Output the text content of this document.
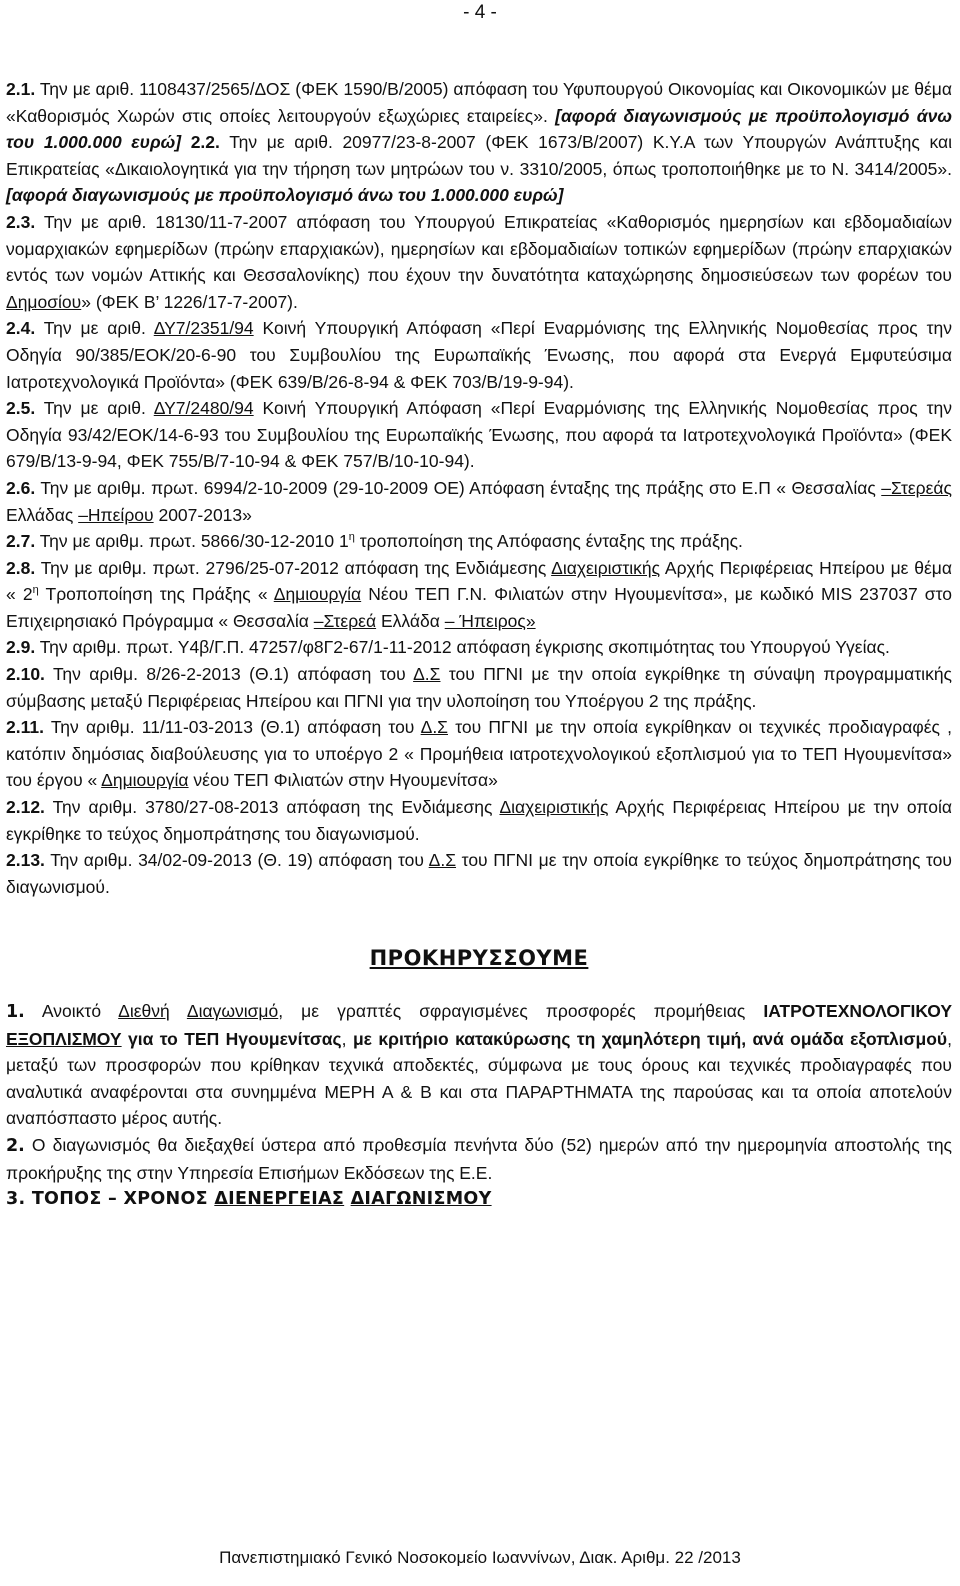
- 4 -

2.1. Την με αριθ. 1108437/2565/ΔΟΣ (ΦΕΚ 1590/Β/2005) απόφαση του Υφυπουργού Οικονομίας και Οικονομικών με θέμα «Καθορισμός Χωρών στις οποίες λειτουργούν εξωχώριες εταιρείες». [αφορά διαγωνισμούς με προϋπολογισμό άνω του 1.000.000 ευρώ] 2.2. Την με αριθ. 20977/23-8-2007 (ΦΕΚ 1673/Β/2007) Κ.Υ.Α των Υπουργών Ανάπτυξης και Επικρατείας «Δικαιολογητικά για την τήρηση των μητρώων του ν. 3310/2005, όπως τροποποιήθηκε με το Ν. 3414/2005». [αφορά διαγωνισμούς με προϋπολογισμό άνω του 1.000.000 ευρώ]

2.3. Την με αριθ. 18130/11-7-2007 απόφαση του Υπουργού Επικρατείας «Καθορισμός ημερησίων και εβδομαδιαίων νομαρχιακών εφημερίδων (πρώην επαρχιακών), ημερησίων και εβδομαδιαίων τοπικών εφημερίδων (πρώην επαρχιακών εντός των νομών Αττικής και Θεσσαλονίκης) που έχουν την δυνατότητα καταχώρησης δημοσιεύσεων των φορέων του Δημοσίου» (ΦΕΚ Β’ 1226/17-7-2007).

2.4. Την με αριθ. ΔΥ7/2351/94 Κοινή Υπουργική Απόφαση «Περί Εναρμόνισης της Ελληνικής Νομοθεσίας προς την Οδηγία 90/385/ΕΟΚ/20-6-90 του Συμβουλίου της Ευρωπαϊκής Ένωσης, που αφορά στα Ενεργά Εμφυτεύσιμα Ιατροτεχνολογικά Προϊόντα» (ΦΕΚ 639/Β/26-8-94 & ΦΕΚ 703/Β/19-9-94).

2.5. Την με αριθ. ΔΥ7/2480/94 Κοινή Υπουργική Απόφαση «Περί Εναρμόνισης της Ελληνικής Νομοθεσίας προς την Οδηγία 93/42/ΕΟΚ/14-6-93 του Συμβουλίου της Ευρωπαϊκής Ένωσης, που αφορά τα Ιατροτεχνολογικά Προϊόντα» (ΦΕΚ 679/Β/13-9-94, ΦΕΚ 755/Β/7-10-94 & ΦΕΚ 757/Β/10-10-94).

2.6. Την με αριθμ. πρωτ. 6994/2-10-2009 (29-10-2009 ΟΕ) Απόφαση ένταξης της πράξης στο Ε.Π « Θεσσαλίας –Στερεάς Ελλάδας –Ηπείρου 2007-2013»

2.7. Την με αριθμ. πρωτ. 5866/30-12-2010 $1^\eta$ τροποποίηση της Απόφασης ένταξης της πράξης.

2.8. Την με αριθμ. πρωτ. 2796/25-07-2012 απόφαση της Ενδιάμεσης Διαχειριστικής Αρχής Περιφέρειας Ηπείρου με θέμα « $2^\eta$ Τροποποίηση της Πράξης « Δημιουργία Νέου ΤΕΠ Γ.Ν. Φιλιατών στην Ηγουμενίτσα», με κωδικό MIS 237037 στο Επιχειρησιακό Πρόγραμμα « Θεσσαλία –Στερεά Ελλάδα – Ήπειρος»

2.9. Την αριθμ. πρωτ. Υ4β/Γ.Π. 47257/φ8Γ2-67/1-11-2012 απόφαση έγκρισης σκοπιμότητας του Υπουργού Υγείας.

2.10. Την αριθμ. 8/26-2-2013 (Θ.1) απόφαση του Δ.Σ του ΠΓΝΙ με την οποία εγκρίθηκε τη σύναψη προγραμματικής σύμβασης μεταξύ Περιφέρειας Ηπείρου και ΠΓΝΙ για την υλοποίηση του Υποέργου 2 της πράξης.

2.11. Την αριθμ. 11/11-03-2013 (Θ.1) απόφαση του Δ.Σ του ΠΓΝΙ με την οποία εγκρίθηκαν οι τεχνικές προδιαγραφές , κατόπιν δημόσιας διαβούλευσης για το υποέργο 2 « Προμήθεια ιατροτεχνολογικού εξοπλισμού για το ΤΕΠ Ηγουμενίτσα» του έργου « Δημιουργία νέου ΤΕΠ Φιλιατών στην Ηγουμενίτσα»

2.12. Την αριθμ. 3780/27-08-2013 απόφαση της Ενδιάμεσης Διαχειριστικής Αρχής Περιφέρειας Ηπείρου με την οποία εγκρίθηκε το τεύχος δημοπράτησης του διαγωνισμού.

2.13. Την αριθμ. 34/02-09-2013 (Θ. 19) απόφαση του Δ.Σ του ΠΓΝΙ με την οποία εγκρίθηκε το τεύχος δημοπράτησης του διαγωνισμού.

ΠΡΟΚΗΡΥΣΣΟΥΜΕ

1. Ανοικτό Διεθνή Διαγωνισμό, με γραπτές σφραγισμένες προσφορές προμήθειας ΙΑΤΡΟΤΕΧΝΟΛΟΓΙΚΟΥ ΕΞΟΠΛΙΣΜΟΥ για το ΤΕΠ Ηγουμενίτσας, με κριτήριο κατακύρωσης τη χαμηλότερη τιμή, ανά ομάδα εξοπλισμού, μεταξύ των προσφορών που κρίθηκαν τεχνικά αποδεκτές, σύμφωνα με τους όρους και τεχνικές προδιαγραφές που αναλυτικά αναφέρονται στα συνημμένα ΜΕΡΗ Α & Β και στα ΠΑΡΑΡΤΗΜΑΤΑ της παρούσας και τα οποία αποτελούν αναπόσπαστο μέρος αυτής.

2. Ο διαγωνισμός θα διεξαχθεί ύστερα από προθεσμία πενήντα δύο (52) ημερών από την ημερομηνία αποστολής της προκήρυξης της στην Υπηρεσία Επισήμων Εκδόσεων της Ε.Ε.

3. ΤΟΠΟΣ – ΧΡΟΝΟΣ ΔΙΕΝΕΡΓΕΙΑΣ ΔΙΑΓΩΝΙΣΜΟΥ

Πανεπιστημιακό Γενικό Νοσοκομείο Ιωαννίνων, Διακ. Αριθμ. 22 /2013
